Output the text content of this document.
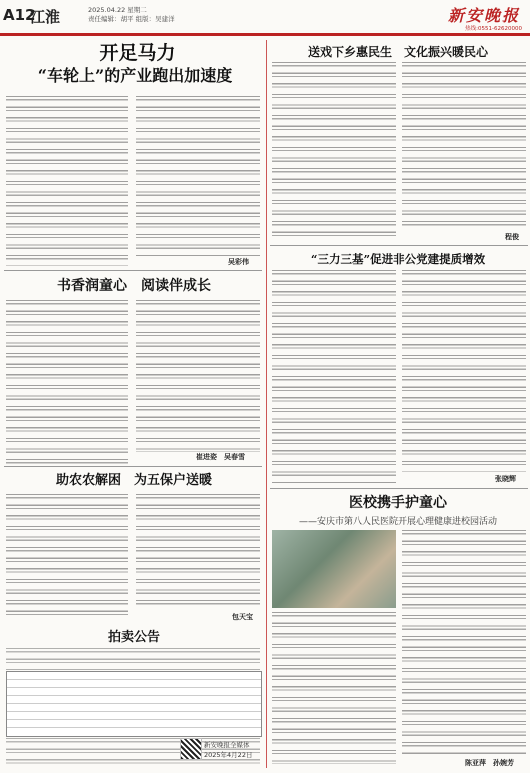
A12
江淮	2025.04.22 星期二
责任编辑：胡平 组版：吴建洋	新安晚报
热线:0551-62620000
开足马力
“车轮上”的产业跑出加速度
吴彩伟
书香润童心　阅读伴成长
崔进姿　吴春雪
助农农解困　为五保户送暖
包天宝
拍卖公告
送戏下乡惠民生　文化振兴暖民心
程俊
“三力三基”促进非公党建提质增效
张晓辉
医校携手护童心
——安庆市第八人民医院开展心理健康进校园活动
陈亚萍　孙婉芳
新安晚报全媒体
2025年4月22日
